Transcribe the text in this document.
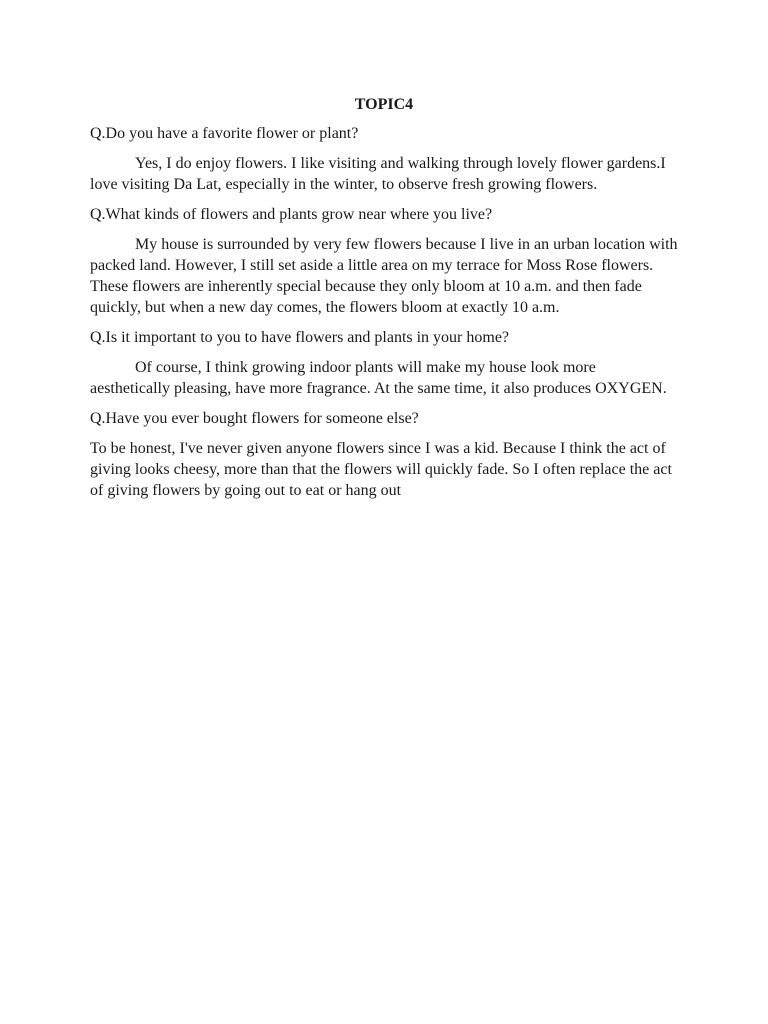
TOPIC4

Q.Do you have a favorite flower or plant?

Yes, I do enjoy flowers. I like visiting and walking through lovely flower gardens.I love visiting Da Lat, especially in the winter, to observe fresh growing flowers.

Q.What kinds of flowers and plants grow near where you live?

My house is surrounded by very few flowers because I live in an urban location with packed land. However, I still set aside a little area on my terrace for Moss Rose flowers. These flowers are inherently special because they only bloom at 10 a.m. and then fade quickly, but when a new day comes, the flowers bloom at exactly 10 a.m.

Q.Is it important to you to have flowers and plants in your home?

Of course, I think growing indoor plants will make my house look more aesthetically pleasing, have more fragrance. At the same time, it also produces OXYGEN.

Q.Have you ever bought flowers for someone else?

To be honest, I've never given anyone flowers since I was a kid. Because I think the act of giving looks cheesy, more than that the flowers will quickly fade. So I often replace the act of giving flowers by going out to eat or hang out
